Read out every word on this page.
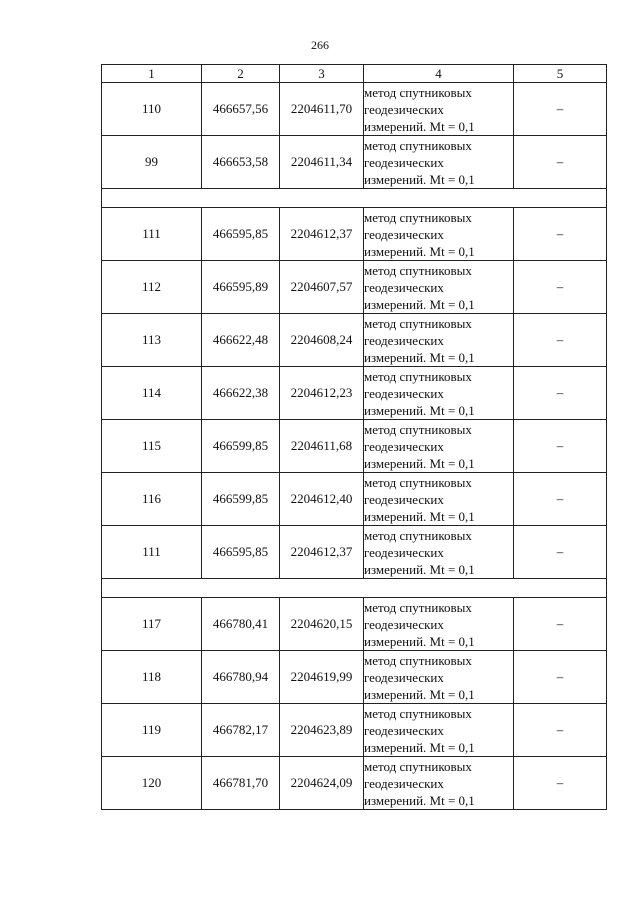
266
1	2	3	4	5
110	466657,56	2204611,70	метод спутниковых
геодезических
измерений. Mt = 0,1	–
99	466653,58	2204611,34	метод спутниковых
геодезических
измерений. Mt = 0,1	–

111	466595,85	2204612,37	метод спутниковых
геодезических
измерений. Mt = 0,1	–
112	466595,89	2204607,57	метод спутниковых
геодезических
измерений. Mt = 0,1	–
113	466622,48	2204608,24	метод спутниковых
геодезических
измерений. Mt = 0,1	–
114	466622,38	2204612,23	метод спутниковых
геодезических
измерений. Mt = 0,1	–
115	466599,85	2204611,68	метод спутниковых
геодезических
измерений. Mt = 0,1	–
116	466599,85	2204612,40	метод спутниковых
геодезических
измерений. Mt = 0,1	–
111	466595,85	2204612,37	метод спутниковых
геодезических
измерений. Mt = 0,1	–

117	466780,41	2204620,15	метод спутниковых
геодезических
измерений. Mt = 0,1	–
118	466780,94	2204619,99	метод спутниковых
геодезических
измерений. Mt = 0,1	–
119	466782,17	2204623,89	метод спутниковых
геодезических
измерений. Mt = 0,1	–
120	466781,70	2204624,09	метод спутниковых
геодезических
измерений. Mt = 0,1	–
